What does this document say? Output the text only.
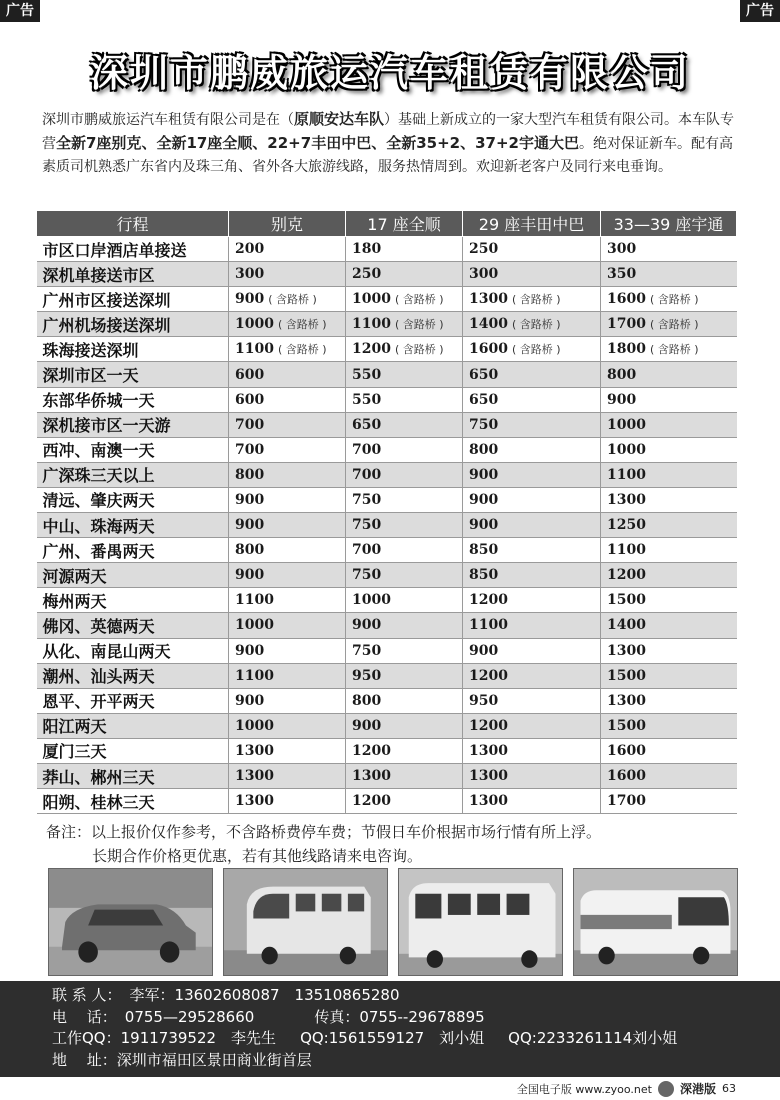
广告	广告
深圳市鹏威旅运汽车租赁有限公司
深圳市鹏威旅运汽车租赁有限公司是在（原顺安达车队）基础上新成立的一家大型汽车租赁有限公司。本车队专营全新7座别克、全新17座全顺、22+7丰田中巴、全新35+2、37+2宇通大巴。绝对保证新车。配有高素质司机熟悉广东省内及珠三角、省外各大旅游线路，服务热情周到。欢迎新老客户及同行来电垂询。
行程	别克	17 座全顺	29 座丰田中巴	33—39 座宇通
市区口岸酒店单接送	200	180	250	300
深机单接送市区	300	250	300	350
广州市区接送深圳	900 ( 含路桥 )	1000 ( 含路桥 )	1300 ( 含路桥 )	1600 ( 含路桥 )
广州机场接送深圳	1000 ( 含路桥 )	1100 ( 含路桥 )	1400 ( 含路桥 )	1700 ( 含路桥 )
珠海接送深圳	1100 ( 含路桥 )	1200 ( 含路桥 )	1600 ( 含路桥 )	1800 ( 含路桥 )
深圳市区一天	600	550	650	800
东部华侨城一天	600	550	650	900
深机接市区一天游	700	650	750	1000
西冲、南澳一天	700	700	800	1000
广深珠三天以上	800	700	900	1100
清远、肇庆两天	900	750	900	1300
中山、珠海两天	900	750	900	1250
广州、番禺两天	800	700	850	1100
河源两天	900	750	850	1200
梅州两天	1100	1000	1200	1500
佛冈、英德两天	1000	900	1100	1400
从化、南昆山两天	900	750	900	1300
潮州、汕头两天	1100	950	1200	1500
恩平、开平两天	900	800	950	1300
阳江两天	1000	900	1200	1500
厦门三天	1300	1200	1300	1600
莽山、郴州三天	1300	1300	1300	1600
阳朔、桂林三天	1300	1200	1300	1700
备注：以上报价仅作参考，不含路桥费停车费；节假日车价根据市场行情有所上浮。
长期合作价格更优惠，若有其他线路请来电咨询。
联 系 人： 李军：13602608087　13510865280
电　 话： 0755—29528660	传真：0755--29678895
工作QQ：1911739522　李先生 QQ:1561559127　刘小姐 QQ:2233261114刘小姐
地　 址：深圳市福田区景田商业街首层
全国电子版 www.zyoo.net 深港版 63
